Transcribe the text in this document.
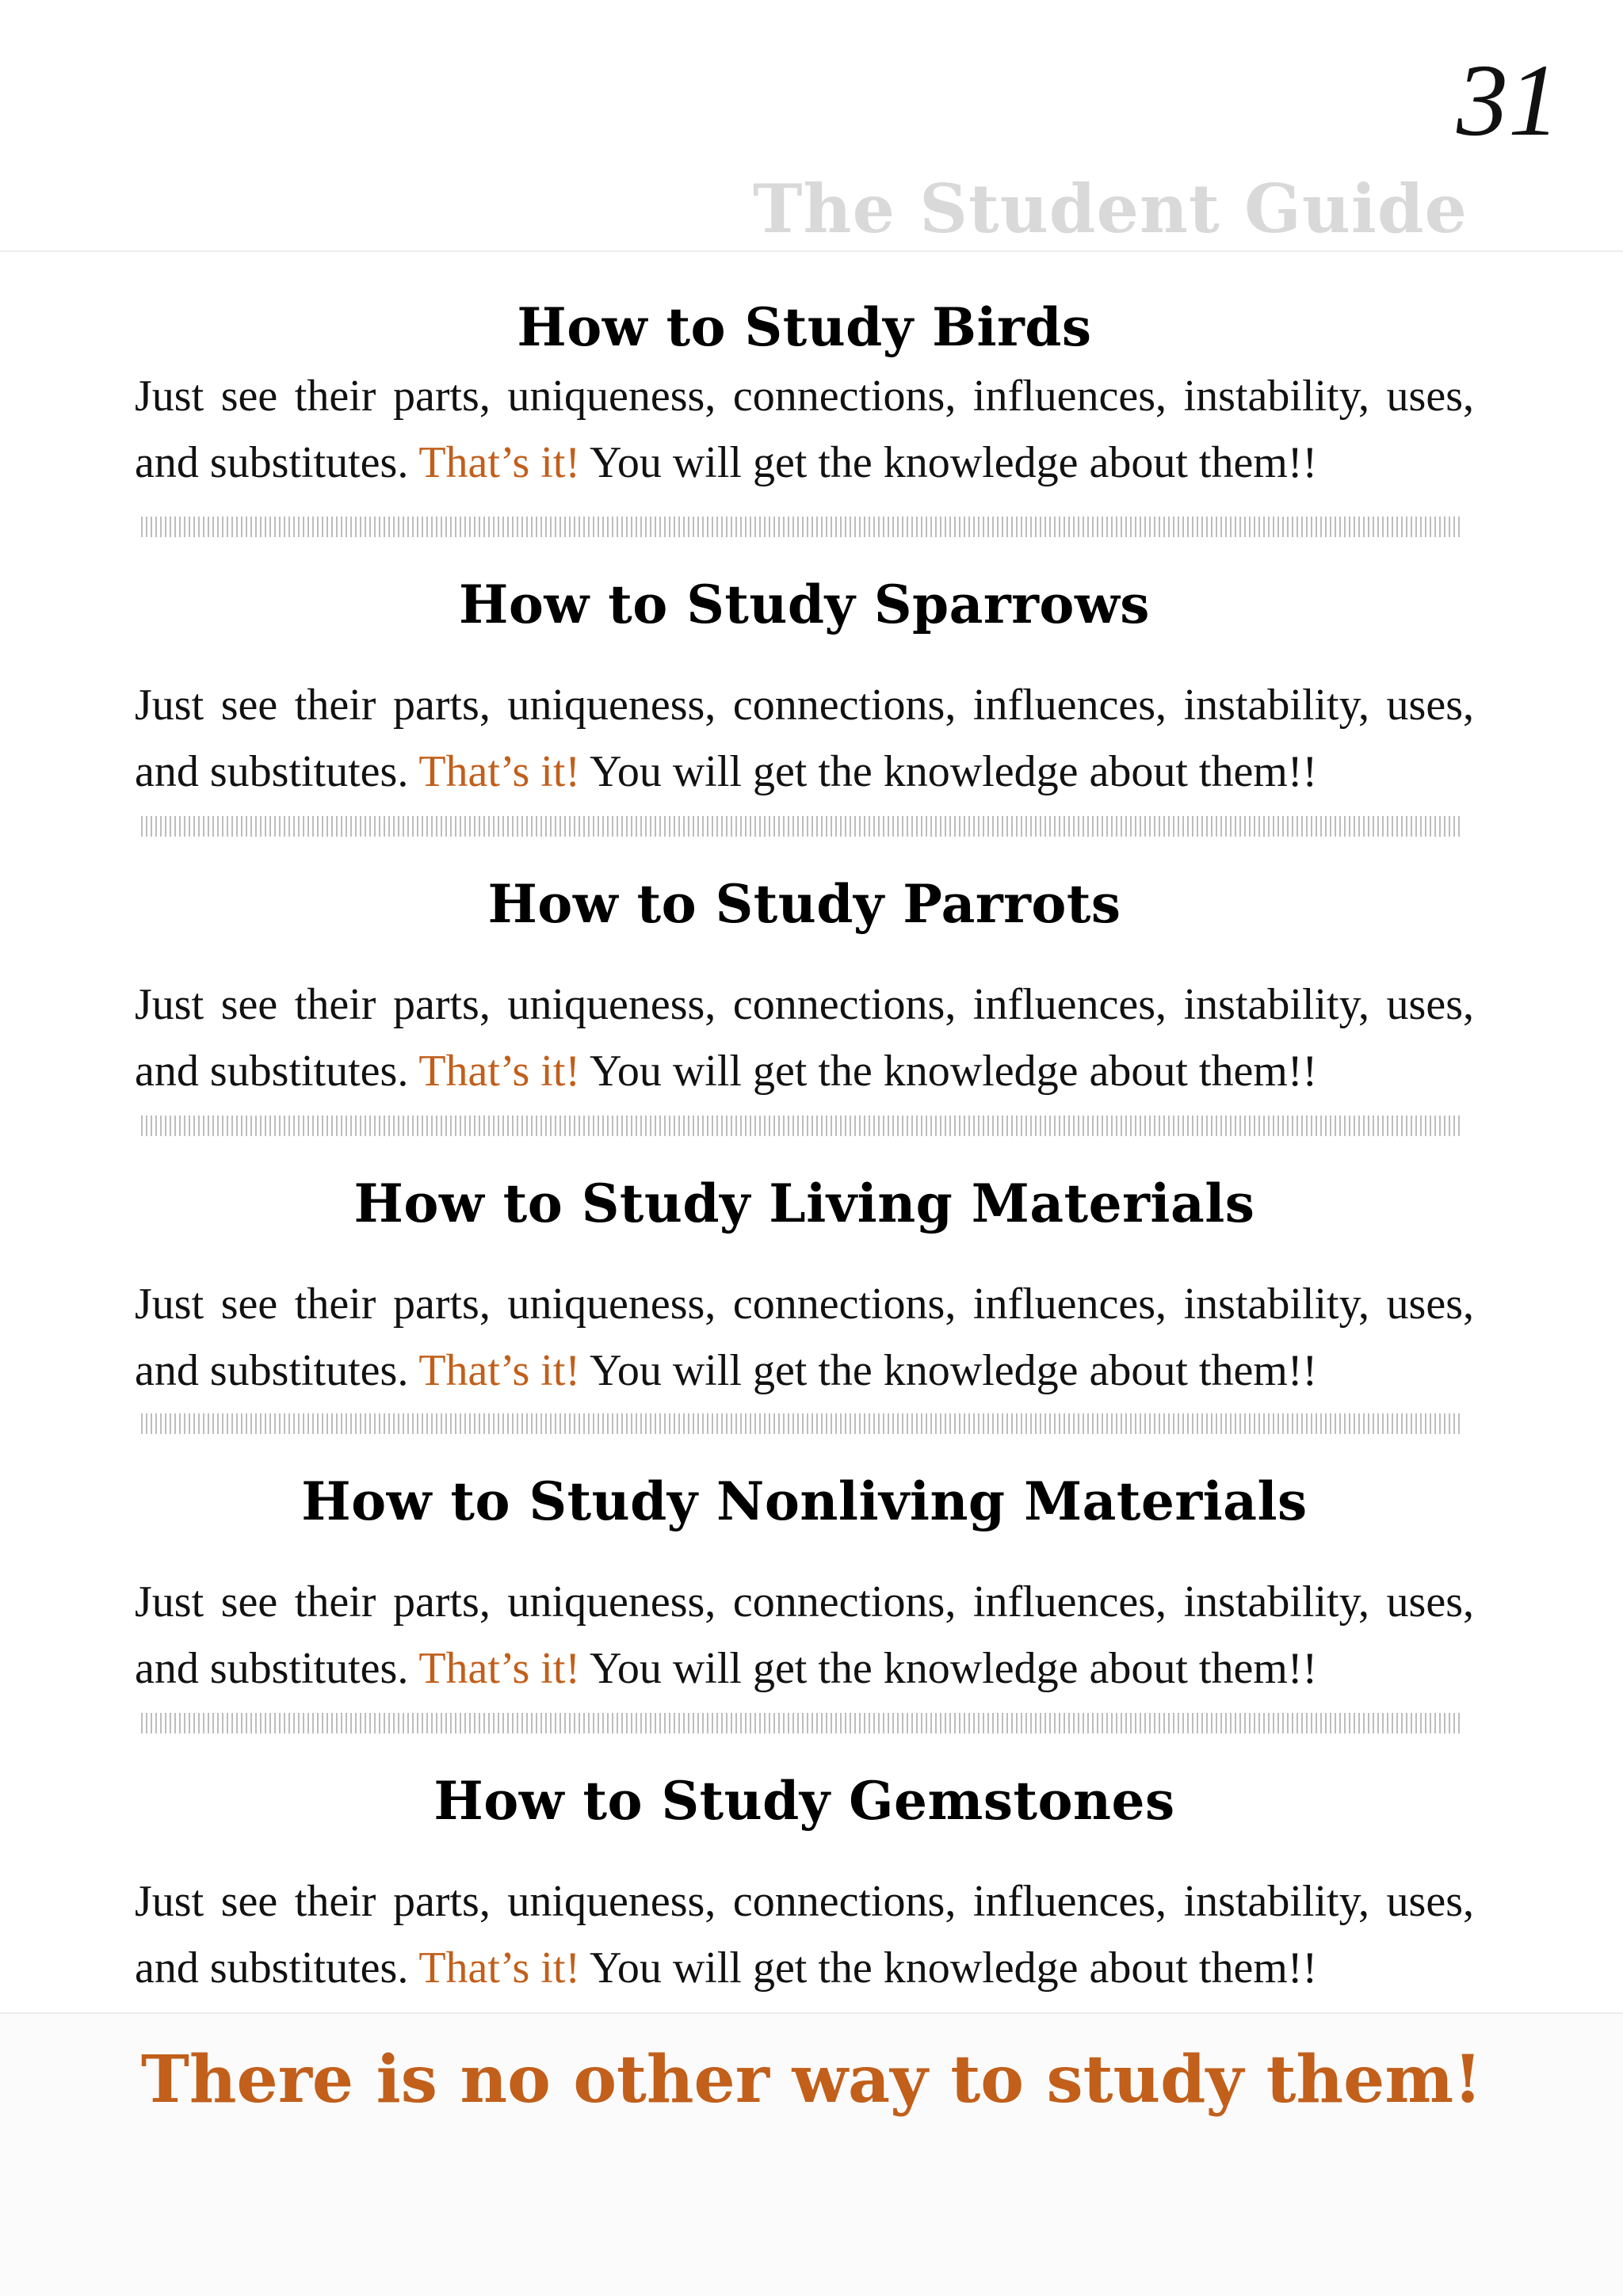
31
The Student Guide
How to Study Birds

Just see their parts, uniqueness, connections, influences, instability, uses, and substitutes. That’s it! You will get the knowledge about them!!

How to Study Sparrows

Just see their parts, uniqueness, connections, influences, instability, uses, and substitutes. That’s it! You will get the knowledge about them!!

How to Study Parrots

Just see their parts, uniqueness, connections, influences, instability, uses, and substitutes. That’s it! You will get the knowledge about them!!

How to Study Living Materials

Just see their parts, uniqueness, connections, influences, instability, uses, and substitutes. That’s it! You will get the knowledge about them!!

How to Study Nonliving Materials

Just see their parts, uniqueness, connections, influences, instability, uses, and substitutes. That’s it! You will get the knowledge about them!!

How to Study Gemstones

Just see their parts, uniqueness, connections, influences, instability, uses, and substitutes. That’s it! You will get the knowledge about them!!

There is no other way to study them!
